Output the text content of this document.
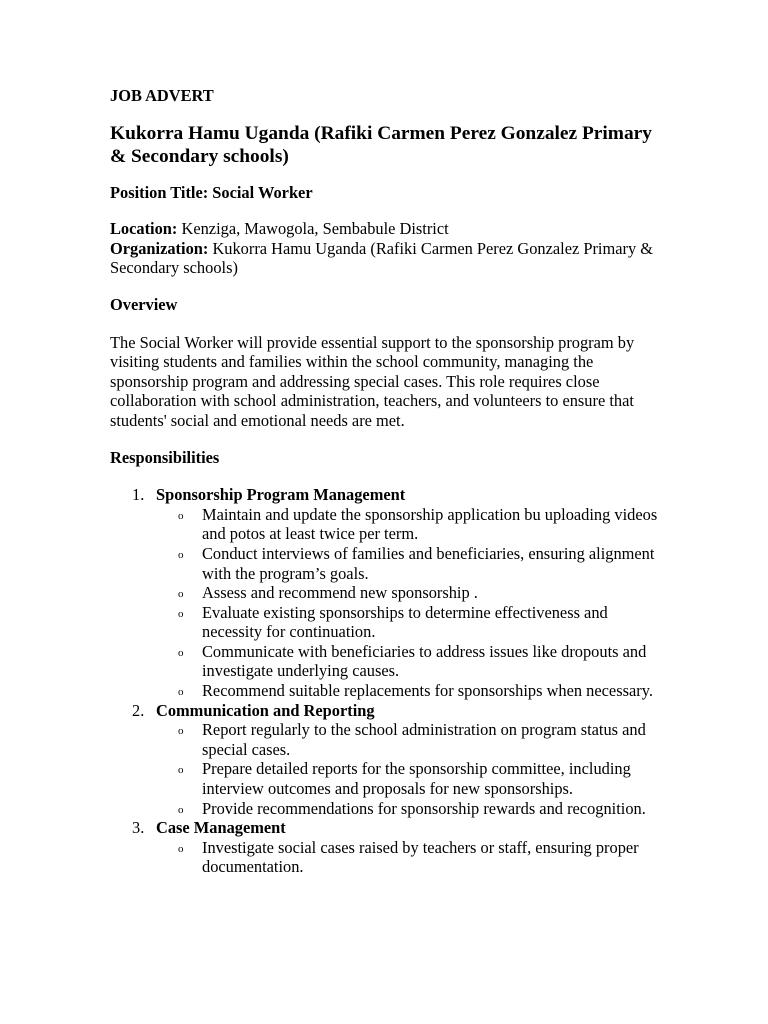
JOB ADVERT

Kukorra Hamu Uganda (Rafiki Carmen Perez Gonzalez Primary & Secondary schools)

Position Title: Social Worker

Location: Kenziga, Mawogola, Sembabule District

Organization: Kukorra Hamu Uganda (Rafiki Carmen Perez Gonzalez Primary & Secondary schools)

Overview

The Social Worker will provide essential support to the sponsorship program by visiting students and families within the school community, managing the sponsorship program and addressing special cases. This role requires close collaboration with school administration, teachers, and volunteers to ensure that students' social and emotional needs are met.

Responsibilities

1. Sponsorship Program Management
o Maintain and update the sponsorship application bu uploading videos and potos at least twice per term.
o Conduct interviews of families and beneficiaries, ensuring alignment with the program’s goals.
o Assess and recommend new sponsorship .
o Evaluate existing sponsorships to determine effectiveness and necessity for continuation.
o Communicate with beneficiaries to address issues like dropouts and investigate underlying causes.
o Recommend suitable replacements for sponsorships when necessary.
2. Communication and Reporting
o Report regularly to the school administration on program status and special cases.
o Prepare detailed reports for the sponsorship committee, including interview outcomes and proposals for new sponsorships.
o Provide recommendations for sponsorship rewards and recognition.
3. Case Management
o Investigate social cases raised by teachers or staff, ensuring proper documentation.
